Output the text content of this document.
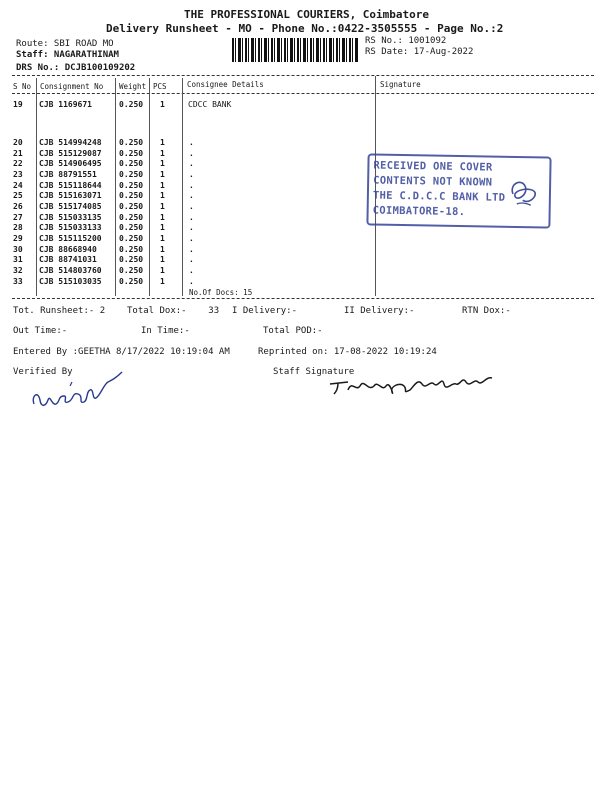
THE PROFESSIONAL COURIERS, Coimbatore
Delivery Runsheet - MO - Phone No.:0422-3505555 - Page No.:2
Route: SBI ROAD MO
Staff: NAGARATHINAM
DRS No.: DCJB100109202
RS No.: 1001092
RS Date: 17-Aug-2022
S No Consignment No Weight PCS	Consignee Details	Signature
19 CJB 1169671	0.250 1	CDCC BANK
20 CJB 514994248 0.250 1	.
21 CJB 515129087 0.250 1	.
22 CJB 514906495 0.250 1	.
23 CJB 88791551	0.250 1	.
24 CJB 515118644 0.250 1	.
25 CJB 515163071 0.250 1	.
26 CJB 515174085 0.250 1	.
27 CJB 515033135 0.250 1	.
28 CJB 515033133 0.250 1	.
29 CJB 515115200 0.250 1	.
30 CJB 88668940	0.250 1	.
31 CJB 88741031	0.250 1	.
32 CJB 514803760 0.250 1	.
33 CJB 515103035 0.250 1	.
No.Of Docs: 15
RECEIVED ONE COVER
CONTENTS NOT KNOWN
THE C.D.C.C BANK LTD
COIMBATORE-18.
Tot. Runsheet:- 2 Total Dox:-    33 I Delivery:-	II Delivery:-	RTN Dox:-
Out Time:-	In Time:-	Total POD:-
Entered By :GEETHA 8/17/2022 10:19:04 AM	Reprinted on: 17-08-2022 10:19:24
Verified By	Staff Signature
